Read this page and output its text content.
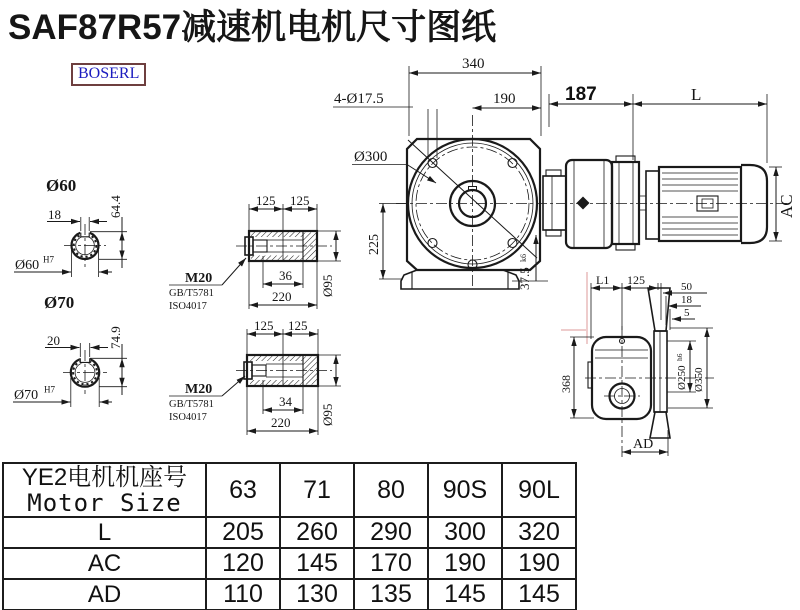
SAF87R57减速机电机尺寸图纸
BOSERL
Ø60
18	64.4
Ø60 H7
Ø70
20	74.9
Ø70 H7
125 125
36
220 Ø95
M20
GB/T5781
ISO4017
125 125
34
220 Ø95
M20
GB/T5781
ISO4017
340
190
4-Ø17.5
Ø300
225
37.5
k6
187	L
AC
L1 125	50
18
5
368	Ø250
h6
Ø350
AD
YE2电机机座号
Motor Size	63	71	80	90S	90L
L	205	260	290	300	320
AC	120	145	170	190	190
AD	110	130	135	145	145
